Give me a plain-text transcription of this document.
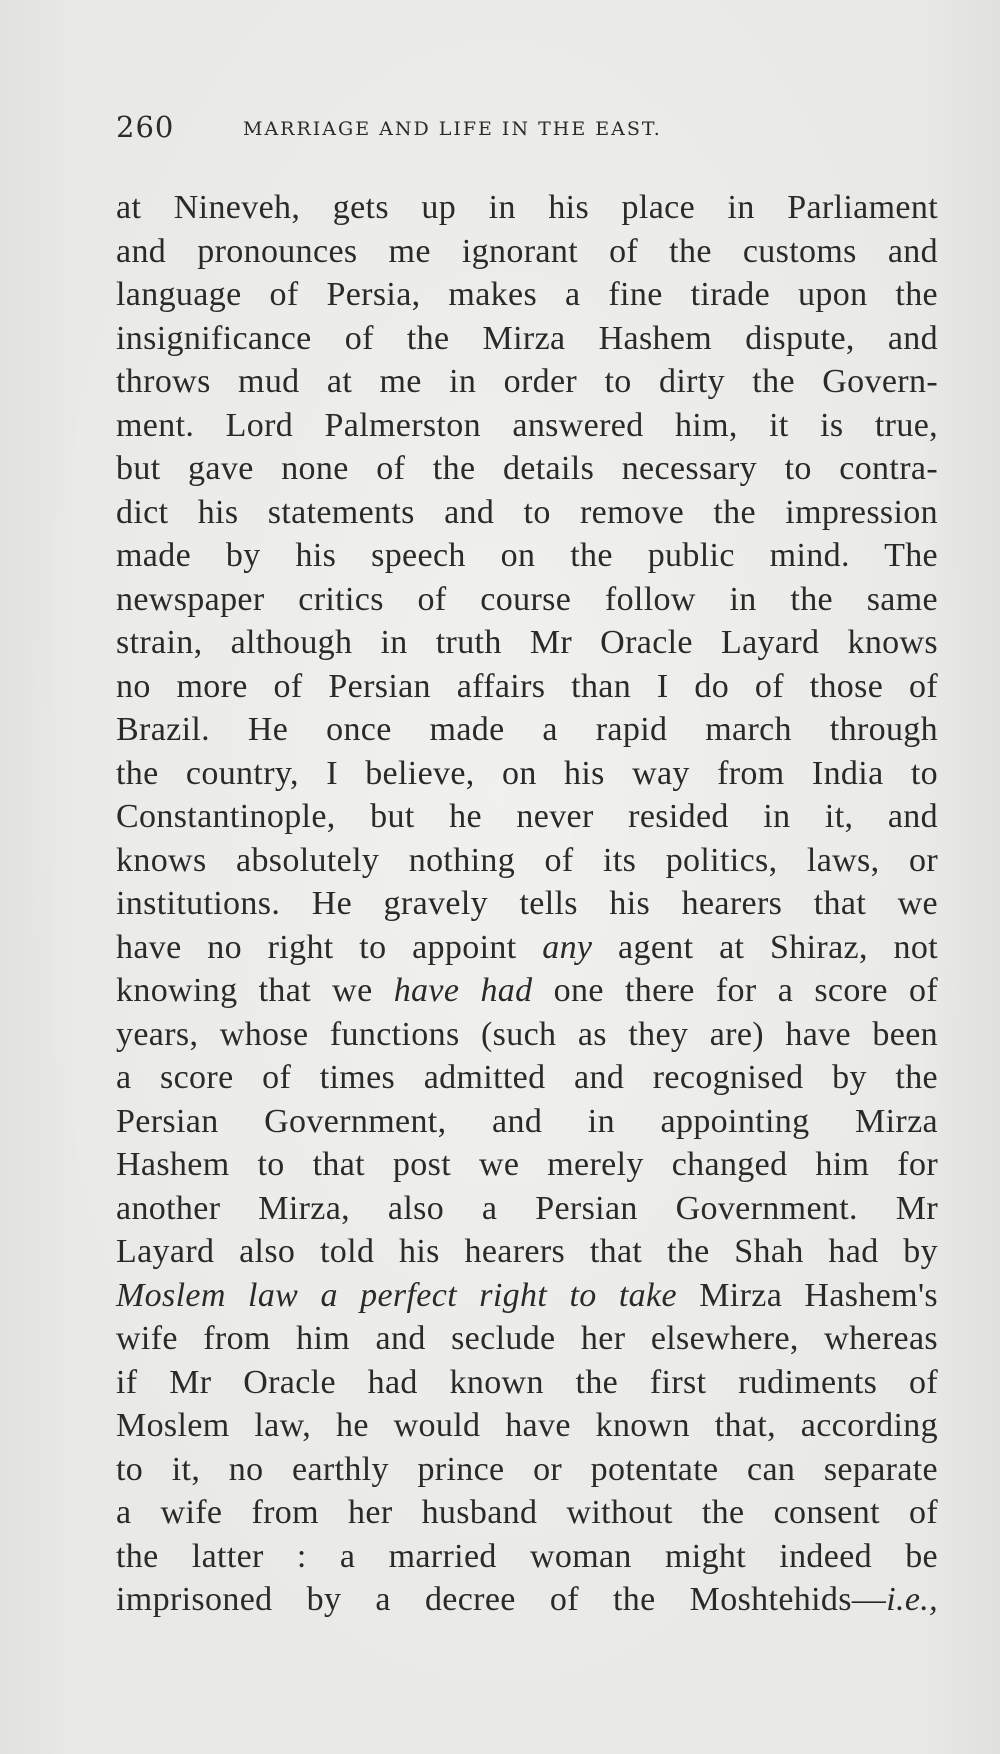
260	MARRIAGE AND LIFE IN THE EAST.
at Nineveh, gets up in his place in Parliament
and pronounces me ignorant of the customs and
language of Persia, makes a fine tirade upon the
insignificance of the Mirza Hashem dispute, and
throws mud at me in order to dirty the Govern-
ment. Lord Palmerston answered him, it is true,
but gave none of the details necessary to contra-
dict his statements and to remove the impression
made by his speech on the public mind. The
newspaper critics of course follow in the same
strain, although in truth Mr Oracle Layard knows
no more of Persian affairs than I do of those of
Brazil. He once made a rapid march through
the country, I believe, on his way from India to
Constantinople, but he never resided in it, and
knows absolutely nothing of its politics, laws, or
institutions. He gravely tells his hearers that we
have no right to appoint any agent at Shiraz, not
knowing that we have had one there for a score of
years, whose functions (such as they are) have been
a score of times admitted and recognised by the
Persian Government, and in appointing Mirza
Hashem to that post we merely changed him for
another Mirza, also a Persian Government. Mr
Layard also told his hearers that the Shah had by
Moslem law a perfect right to take Mirza Hashem's
wife from him and seclude her elsewhere, whereas
if Mr Oracle had known the first rudiments of
Moslem law, he would have known that, according
to it, no earthly prince or potentate can separate
a wife from her husband without the consent of
the latter : a married woman might indeed be
imprisoned by a decree of the Moshtehids—i.e.,
